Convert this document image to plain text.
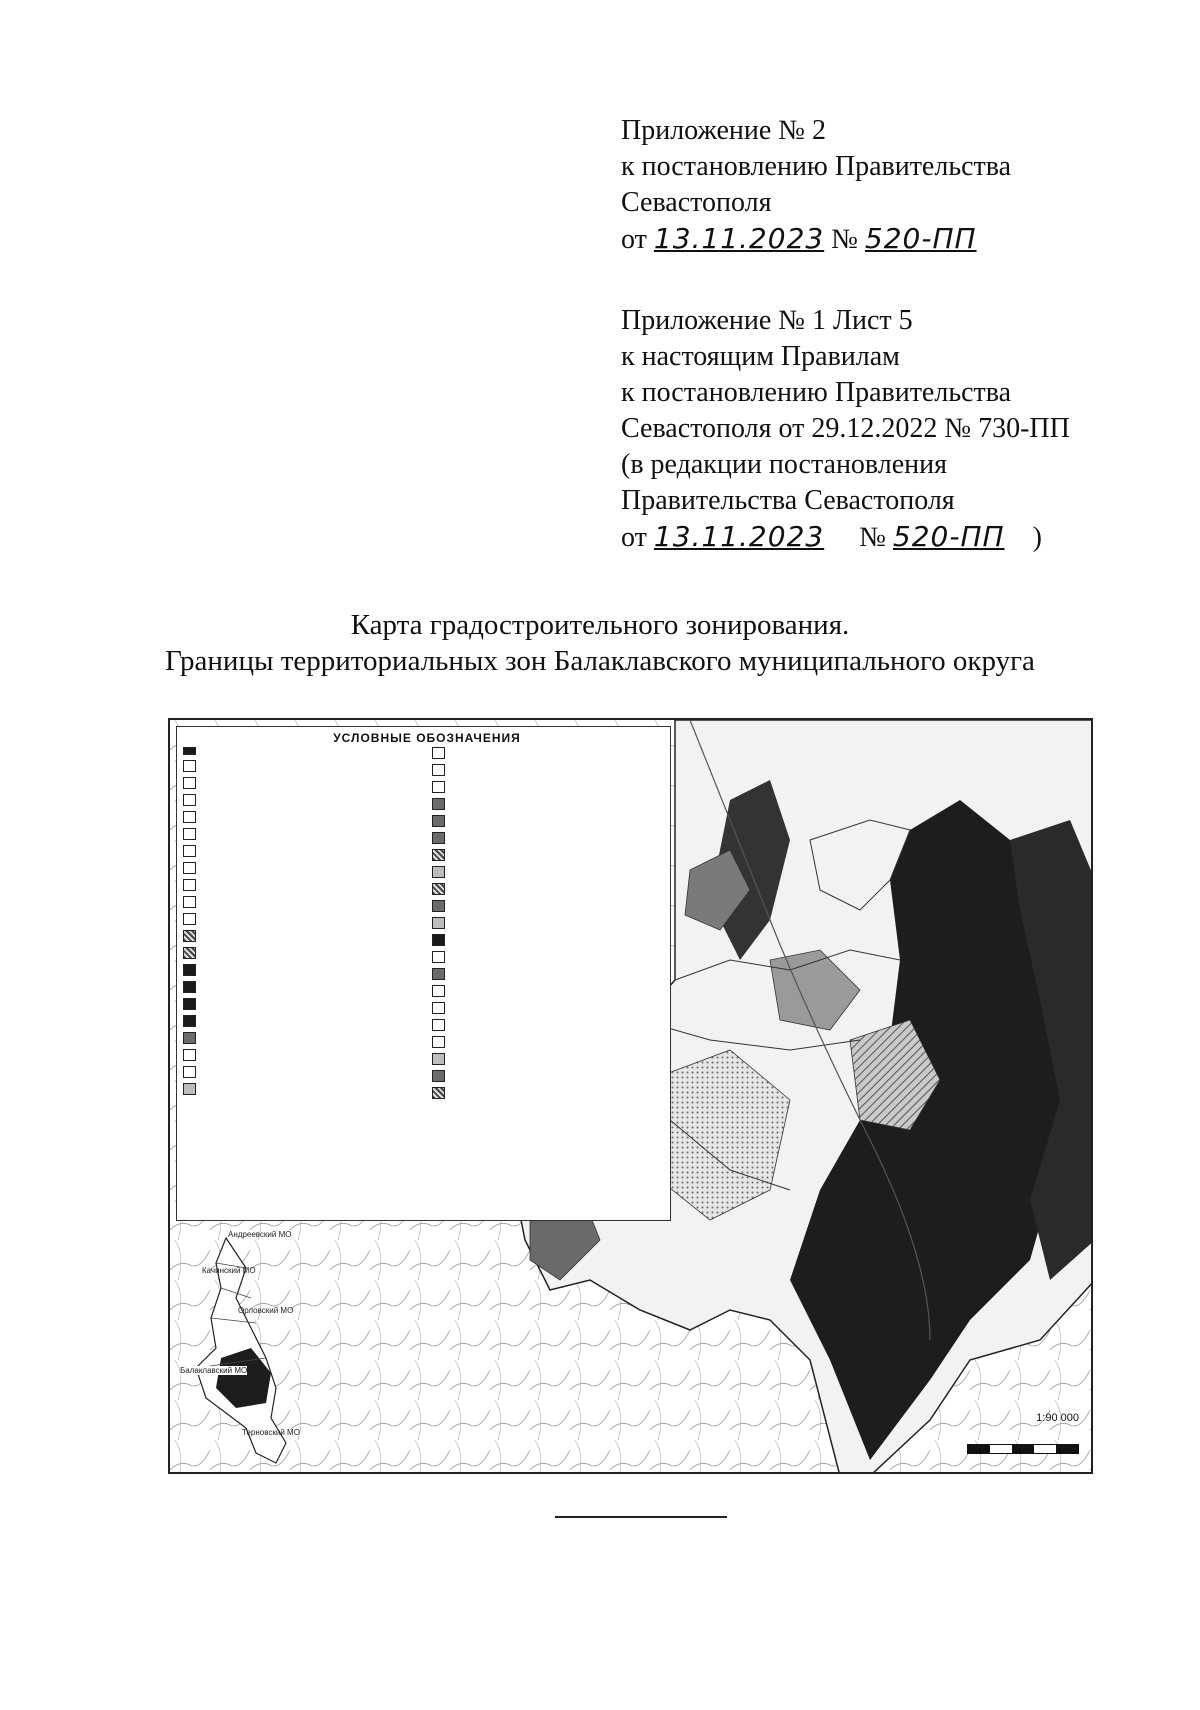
Приложение № 2
к постановлению Правительства
Севастополя
от 13.11.2023 № 520-ПП
Приложение № 1 Лист 5
к настоящим Правилам
к постановлению Правительства
Севастополя от 29.12.2022 № 730-ПП
(в редакции постановления
Правительства Севастополя
от 13.11.2023 № 520-ПП )
Карта градостроительного зонирования.
Границы территориальных зон Балаклавского муниципального округа
УСЛОВНЫЕ ОБОЗНАЧЕНИЯ
Андреевский МО
Качинский МО
Орловский МО
Балаклавский МО
Терновский МО
1:90 000
